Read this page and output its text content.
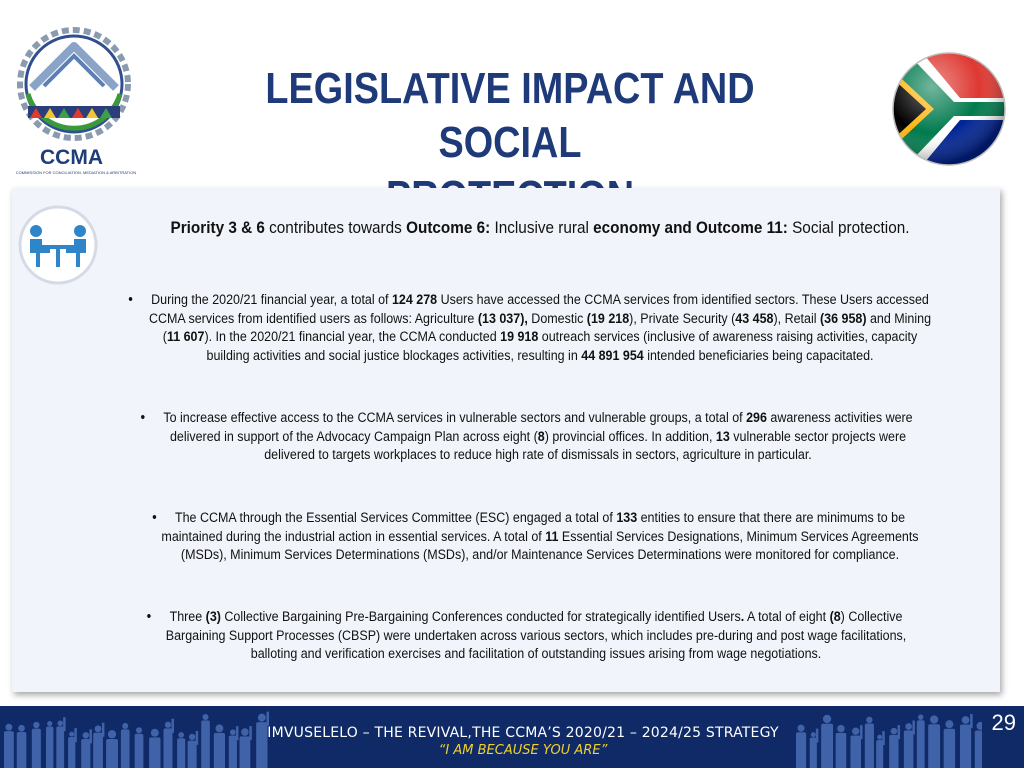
CCMA
COMMISSION FOR CONCILIATION, MEDIATION & ARBITRATION
LEGISLATIVE IMPACT AND SOCIAL
Priority 3 & 6 contributes towards Outcome 6: Inclusive rural economy and Outcome 11: Social protection.
•	During the 2020/21 financial year, a total of 124 278 Users have accessed the CCMA services from identified sectors. These Users accessed
CCMA services from identified users as follows: Agriculture (13 037), Domestic (19 218), Private Security (43 458), Retail (36 958) and Mining
(11 607). In the 2020/21 financial year, the CCMA conducted 19 918 outreach services (inclusive of awareness raising activities, capacity
building activities and social justice blockages activities, resulting in 44 891 954 intended beneficiaries being capacitated.
•	To increase effective access to the CCMA services in vulnerable sectors and vulnerable groups, a total of 296 awareness activities were
delivered in support of the Advocacy Campaign Plan across eight (8) provincial offices. In addition, 13 vulnerable sector projects were
delivered to targets workplaces to reduce high rate of dismissals in sectors, agriculture in particular.
•	The CCMA through the Essential Services Committee (ESC) engaged a total of 133 entities to ensure that there are minimums to be
maintained during the industrial action in essential services. A total of 11 Essential Services Designations, Minimum Services Agreements
(MSDs), Minimum Services Determinations (MSDs), and/or Maintenance Services Determinations were monitored for compliance.
•	Three (3) Collective Bargaining Pre-Bargaining Conferences conducted for strategically identified Users. A total of eight (8) Collective
Bargaining Support Processes (CBSP) were undertaken across various sectors, which includes pre-during and post wage facilitations,
balloting and verification exercises and facilitation of outstanding issues arising from wage negotiations.
IMVUSELELO – THE REVIVAL,THE CCMA’S 2020/21 – 2024/25 STRATEGY
“I AM BECAUSE YOU ARE”
29
